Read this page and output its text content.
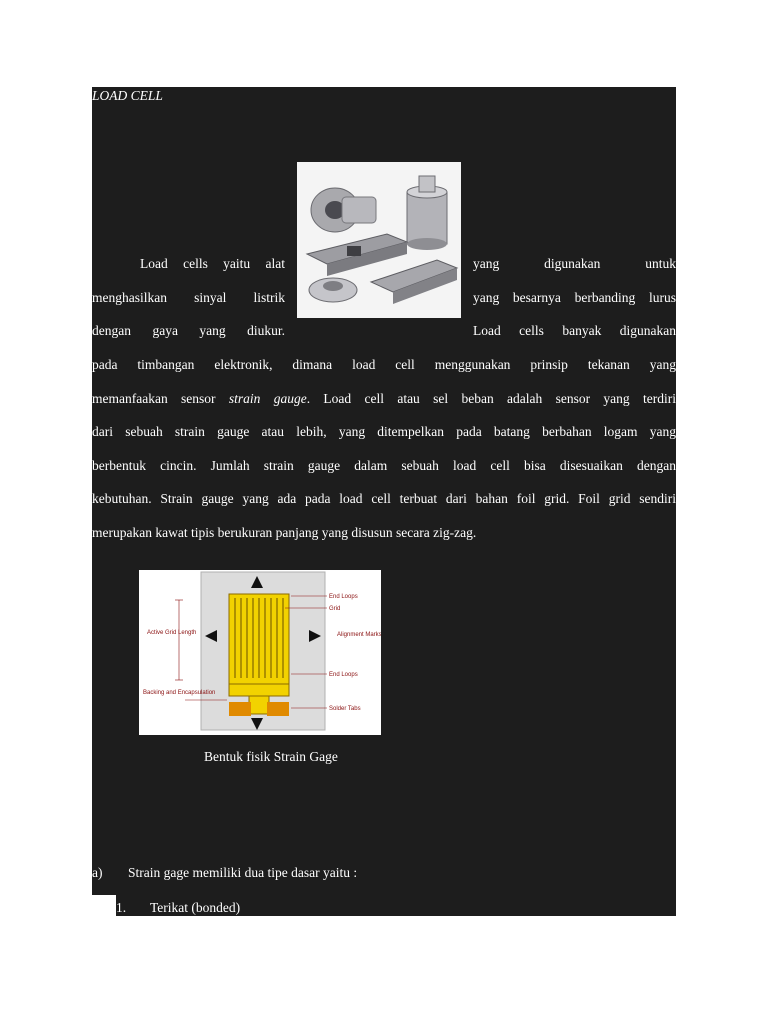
LOAD CELL
Load cells yaitu alat
menghasilkan sinyal listrik
dengan gaya yang diukur.
yang digunakan untuk
yang besarnya berbanding lurus
Load cells banyak digunakan
pada timbangan elektronik, dimana load cell menggunakan prinsip tekanan yang
memanfaakan sensor strain gauge. Load cell atau sel beban adalah sensor yang terdiri
dari sebuah strain gauge atau lebih, yang ditempelkan pada batang berbahan logam yang
berbentuk cincin. Jumlah strain gauge dalam sebuah load cell bisa disesuaikan dengan
kebutuhan. Strain gauge yang ada pada load cell terbuat dari bahan foil grid. Foil grid sendiri
merupakan kawat tipis berukuran panjang yang disusun secara zig-zag.
End Loops
Grid
Active Grid Length	Alignment Marks
End Loops
Backing and Encapsulation
Solder Tabs
Bentuk fisik Strain Gage
a) Strain gage memiliki dua tipe dasar yaitu :
1. Terikat (bonded)
